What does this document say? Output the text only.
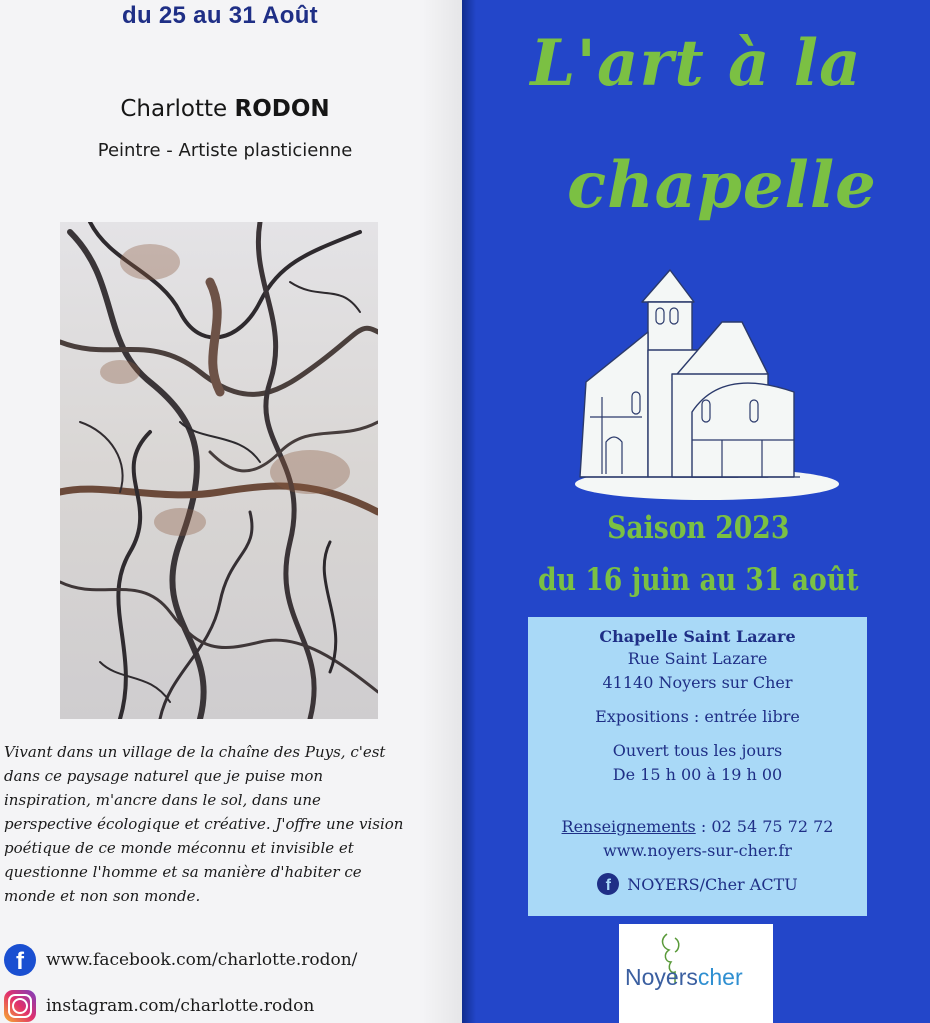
du 25 au 31 Août
Charlotte RODON
Peintre - Artiste plasticienne
Vivant dans un village de la chaîne des Puys, c'est
dans ce paysage naturel que je puise mon
inspiration, m'ancre dans le sol, dans une
perspective écologique et créative. J'offre une vision
poétique de ce monde méconnu et invisible et
questionne l'homme et sa manière d'habiter ce
monde et non son monde.
f	www.facebook.com/charlotte.rodon/
instagram.com/charlotte.rodon
L'art à la
chapelle
Saison 2023
du 16 juin au 31 août
Chapelle Saint Lazare
Rue Saint Lazare
41140 Noyers sur Cher
Expositions : entrée libre
Ouvert tous les jours
De 15 h 00 à 19 h 00
Renseignements : 02 54 75 72 72
www.noyers-sur-cher.fr
f	NOYERS/Cher ACTU
Noyerscher
